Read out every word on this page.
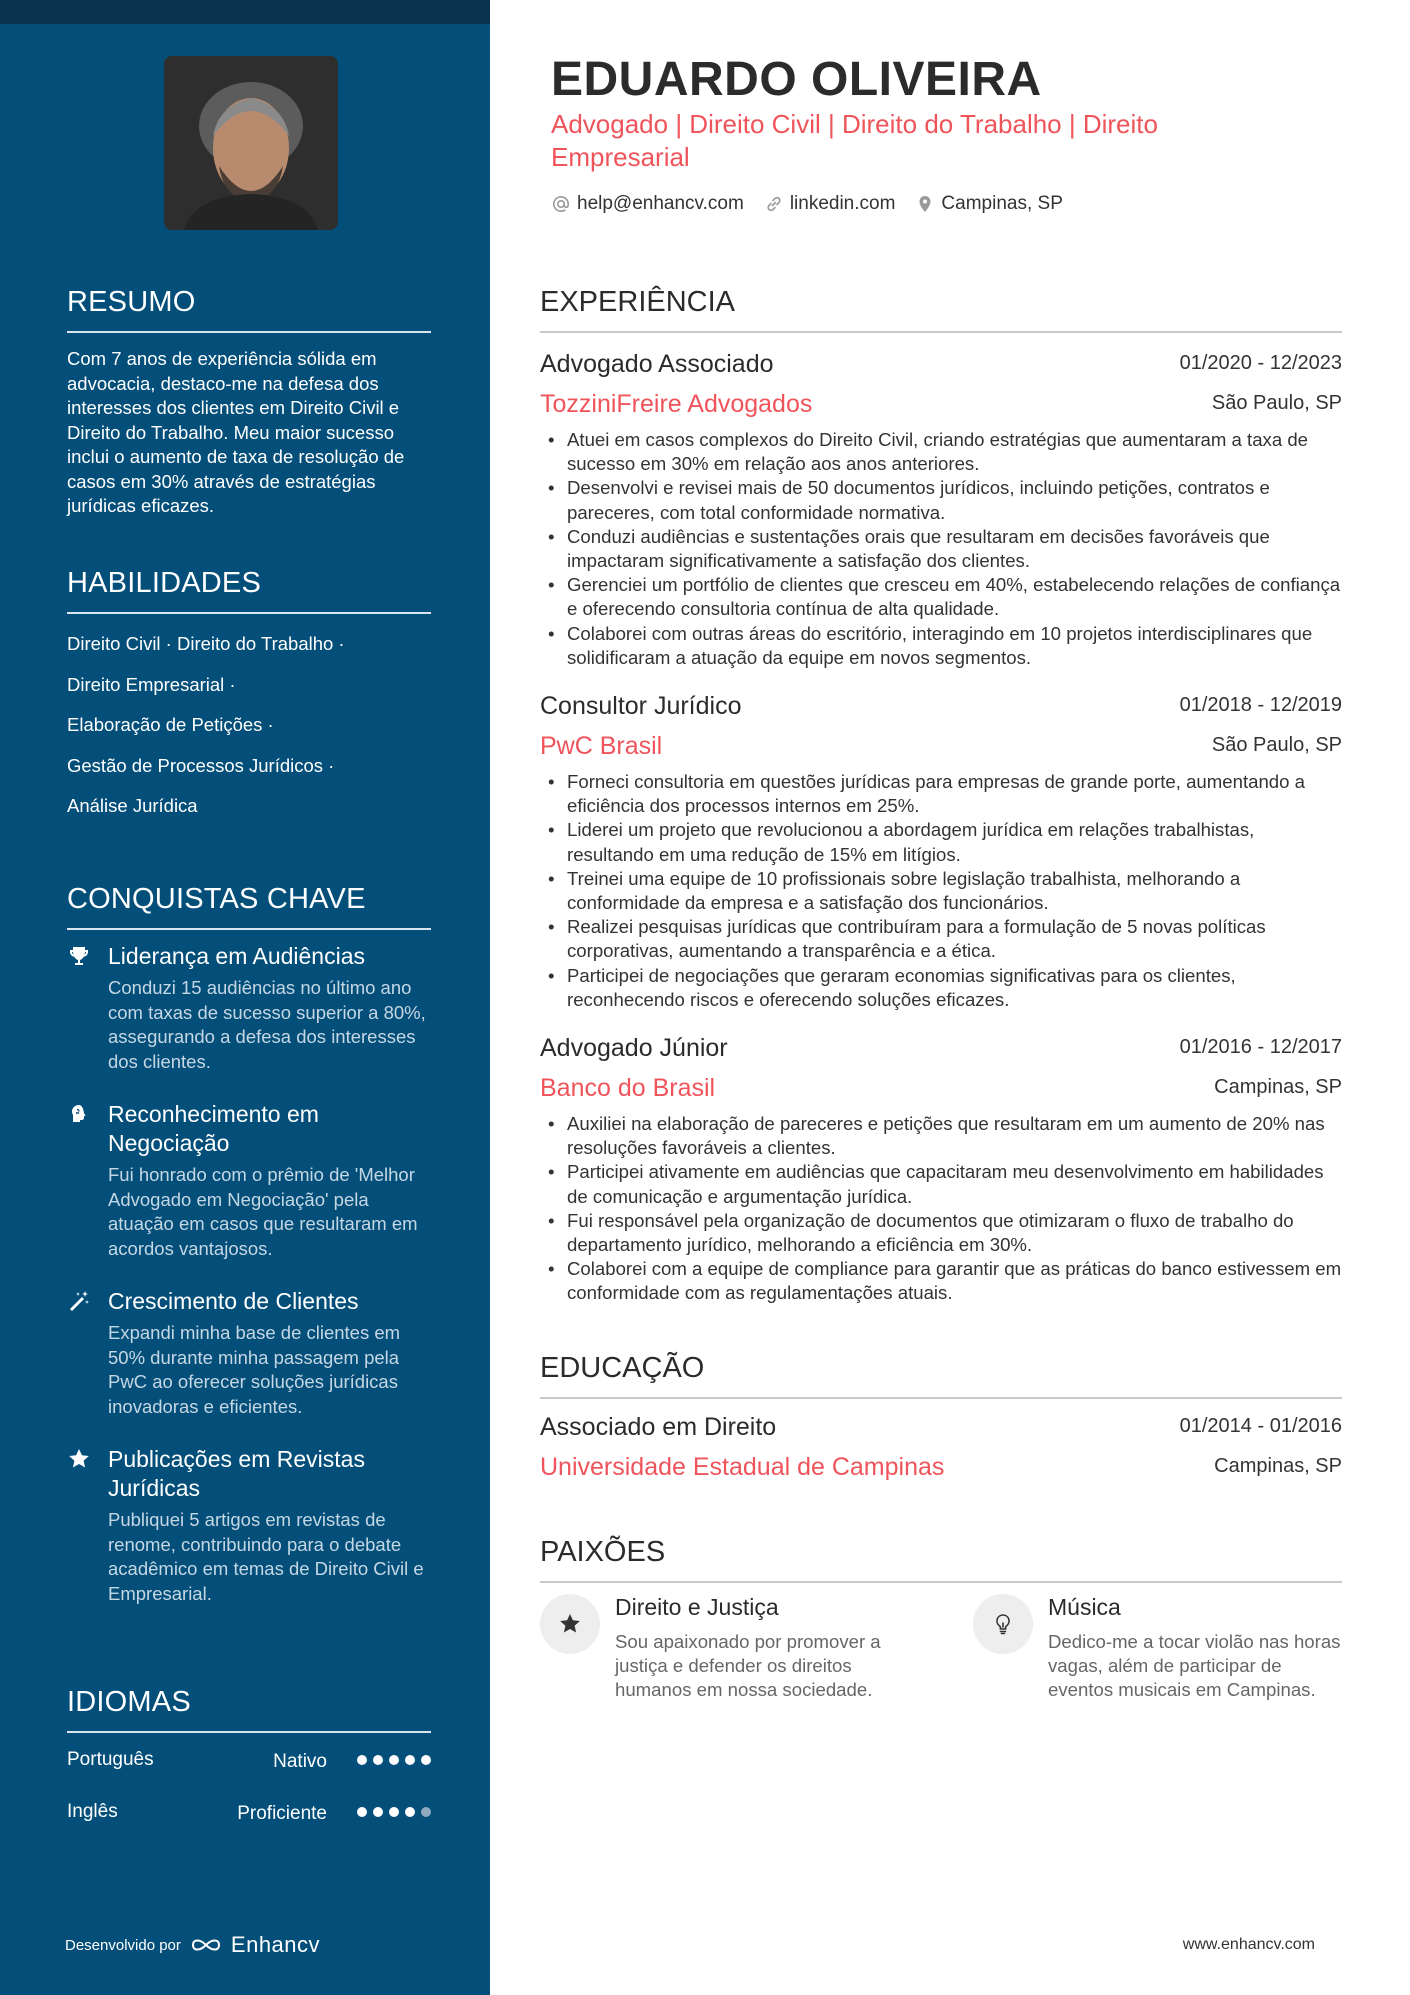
RESUMO
Com 7 anos de experiência sólida em advocacia, destaco-me na defesa dos interesses dos clientes em Direito Civil e Direito do Trabalho. Meu maior sucesso inclui o aumento de taxa de resolução de casos em 30% através de estratégias jurídicas eficazes.
HABILIDADES
Direito Civil · Direito do Trabalho ·
Direito Empresarial ·
Elaboração de Petições ·
Gestão de Processos Jurídicos ·
Análise Jurídica
CONQUISTAS CHAVE
Liderança em Audiências
Conduzi 15 audiências no último ano com taxas de sucesso superior a 80%, assegurando a defesa dos interesses dos clientes.
Reconhecimento em Negociação
Fui honrado com o prêmio de 'Melhor Advogado em Negociação' pela atuação em casos que resultaram em acordos vantajosos.
Crescimento de Clientes
Expandi minha base de clientes em 50% durante minha passagem pela PwC ao oferecer soluções jurídicas inovadoras e eficientes.
Publicações em Revistas Jurídicas
Publiquei 5 artigos em revistas de renome, contribuindo para o debate acadêmico em temas de Direito Civil e Empresarial.
IDIOMAS
Português	Nativo
Inglês	Proficiente
Desenvolvido por Enhancv
EDUARDO OLIVEIRA
Advogado | Direito Civil | Direito do Trabalho | Direito Empresarial
help@enhancv.com linkedin.com Campinas, SP
EXPERIÊNCIA
Advogado Associado	01/2020 - 12/2023
TozziniFreire Advogados	São Paulo, SP
• Atuei em casos complexos do Direito Civil, criando estratégias que aumentaram a taxa de sucesso em 30% em relação aos anos anteriores.
• Desenvolvi e revisei mais de 50 documentos jurídicos, incluindo petições, contratos e pareceres, com total conformidade normativa.
• Conduzi audiências e sustentações orais que resultaram em decisões favoráveis que impactaram significativamente a satisfação dos clientes.
• Gerenciei um portfólio de clientes que cresceu em 40%, estabelecendo relações de confiança e oferecendo consultoria contínua de alta qualidade.
• Colaborei com outras áreas do escritório, interagindo em 10 projetos interdisciplinares que solidificaram a atuação da equipe em novos segmentos.
Consultor Jurídico	01/2018 - 12/2019
PwC Brasil	São Paulo, SP
• Forneci consultoria em questões jurídicas para empresas de grande porte, aumentando a eficiência dos processos internos em 25%.
• Liderei um projeto que revolucionou a abordagem jurídica em relações trabalhistas, resultando em uma redução de 15% em litígios.
• Treinei uma equipe de 10 profissionais sobre legislação trabalhista, melhorando a conformidade da empresa e a satisfação dos funcionários.
• Realizei pesquisas jurídicas que contribuíram para a formulação de 5 novas políticas corporativas, aumentando a transparência e a ética.
• Participei de negociações que geraram economias significativas para os clientes, reconhecendo riscos e oferecendo soluções eficazes.
Advogado Júnior	01/2016 - 12/2017
Banco do Brasil	Campinas, SP
• Auxiliei na elaboração de pareceres e petições que resultaram em um aumento de 20% nas resoluções favoráveis a clientes.
• Participei ativamente em audiências que capacitaram meu desenvolvimento em habilidades de comunicação e argumentação jurídica.
• Fui responsável pela organização de documentos que otimizaram o fluxo de trabalho do departamento jurídico, melhorando a eficiência em 30%.
• Colaborei com a equipe de compliance para garantir que as práticas do banco estivessem em conformidade com as regulamentações atuais.
EDUCAÇÃO
Associado em Direito	01/2014 - 01/2016
Universidade Estadual de Campinas	Campinas, SP
PAIXÕES
Direito e Justiça
Sou apaixonado por promover a justiça e defender os direitos humanos em nossa sociedade.
Música
Dedico-me a tocar violão nas horas vagas, além de participar de eventos musicais em Campinas.
www.enhancv.com
